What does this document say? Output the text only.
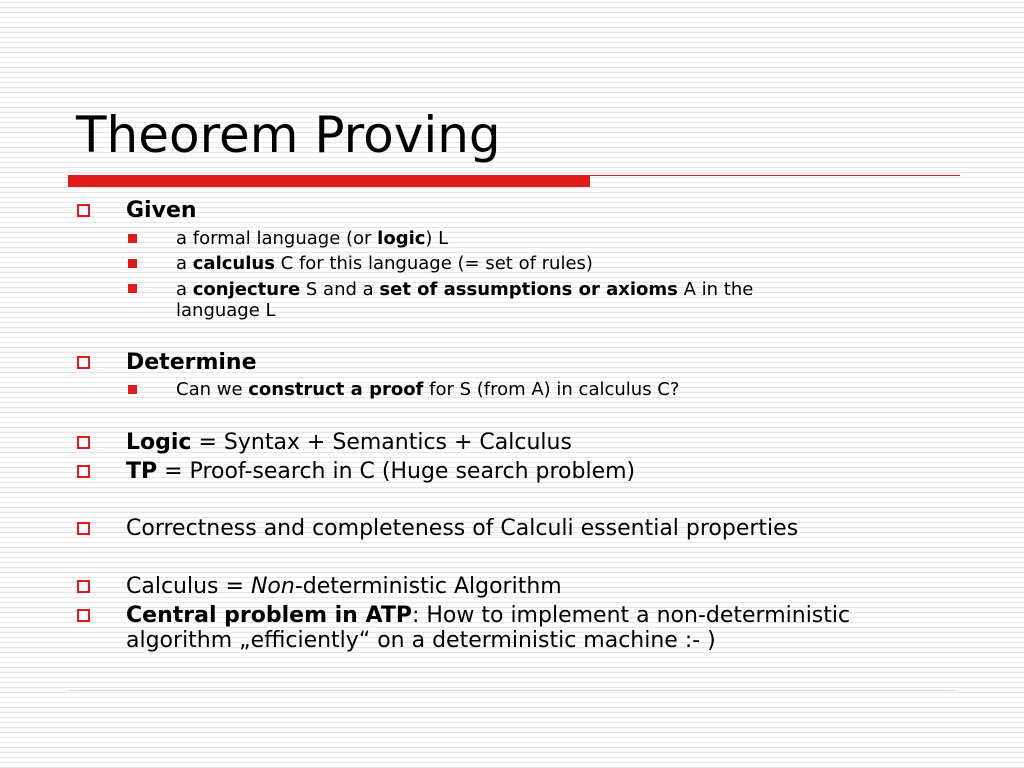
Theorem Proving
Given
a formal language (or logic) L
a calculus C for this language (= set of rules)
a conjecture S and a set of assumptions or axioms A in the
language L
Determine
Can we construct a proof for S (from A) in calculus C?
Logic = Syntax + Semantics + Calculus
TP = Proof-search in C (Huge search problem)
Correctness and completeness of Calculi essential properties
Calculus = Non-deterministic Algorithm
Central problem in ATP: How to implement a non-deterministic
algorithm „efficiently“ on a deterministic machine :- )
